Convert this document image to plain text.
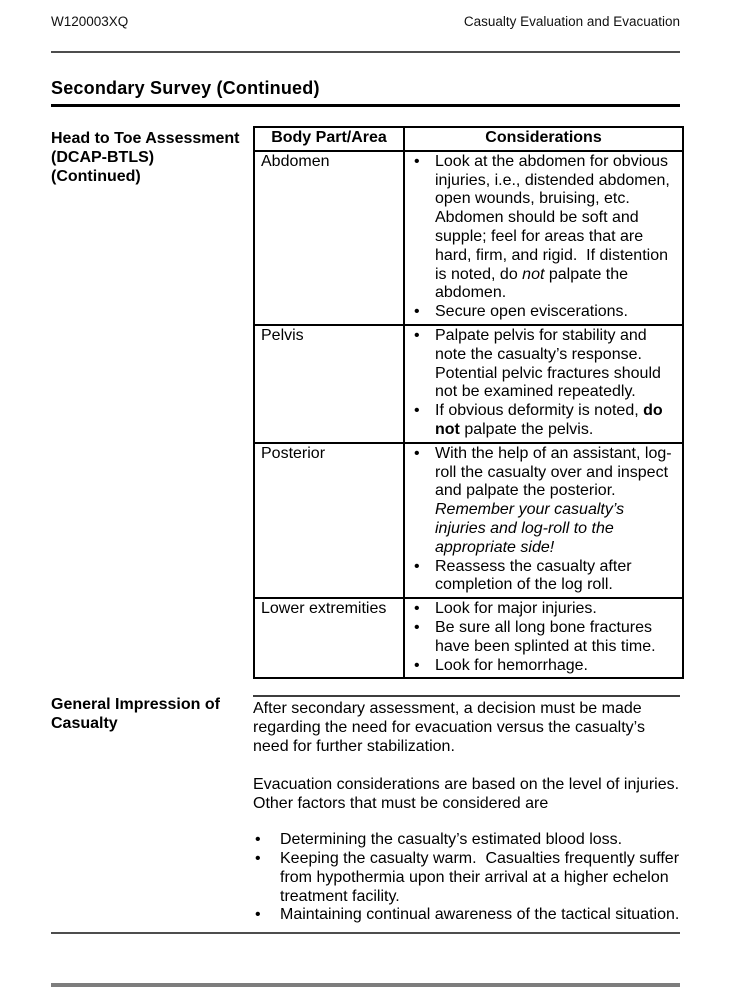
W120003XQ	Casualty Evaluation and Evacuation
Secondary Survey (Continued)
Head to Toe Assessment (DCAP-BTLS) (Continued)
Body Part/Area	Considerations
Abdomen	• Look at the abdomen for obvious injuries, i.e., distended abdomen, open wounds, bruising, etc.  Abdomen should be soft and supple; feel for areas that are hard, firm, and rigid.  If distention is noted, do not palpate the abdomen.
• Secure open eviscerations.

Pelvis	• Palpate pelvis for stability and note the casualty’s response.  Potential pelvic fractures should not be examined repeatedly.
• If obvious deformity is noted, do not palpate the pelvis.

Posterior	• With the help of an assistant, log-roll the casualty over and inspect and palpate the posterior.  Remember your casualty’s injuries and log-roll to the appropriate side!
• Reassess the casualty after completion of the log roll.

Lower extremities	• Look for major injuries.
• Be sure all long bone fractures have been splinted at this time.
• Look for hemorrhage.
General Impression of Casualty

After secondary assessment, a decision must be made regarding the need for evacuation versus the casualty’s need for further stabilization.

Evacuation considerations are based on the level of injuries.  Other factors that must be considered are

•	Determining the casualty’s estimated blood loss.
•	Keeping the casualty warm.  Casualties frequently suffer from hypothermia upon their arrival at a higher echelon treatment facility.
•	Maintaining continual awareness of the tactical situation.
